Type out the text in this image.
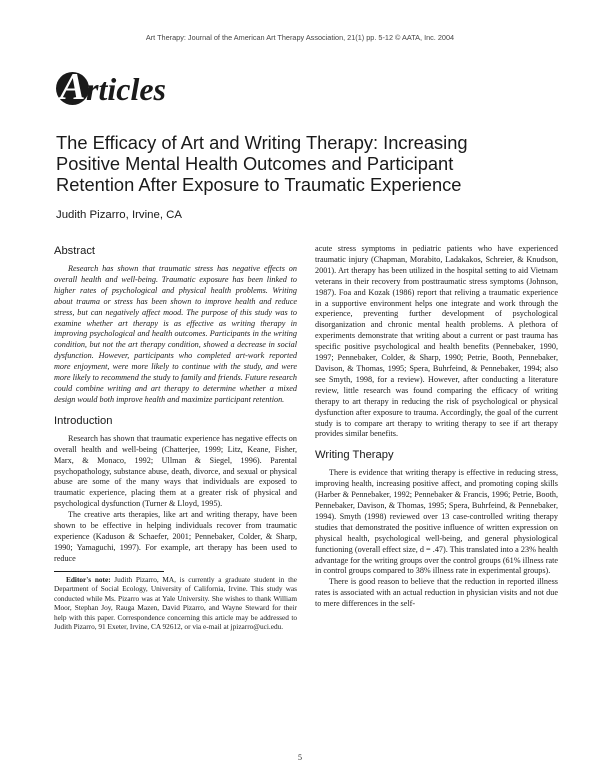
Art Therapy: Journal of the American Art Therapy Association, 21(1) pp. 5-12 © AATA, Inc. 2004
A rticles
The Efficacy of Art and Writing Therapy: Increasing
Positive Mental Health Outcomes and Participant
Retention After Exposure to Traumatic Experience
Judith Pizarro, Irvine, CA
Abstract

Research has shown that traumatic stress has negative effects on overall health and well-being. Traumatic exposure has been linked to higher rates of psychological and physical health problems. Writing about trauma or stress has been shown to improve health and reduce stress, but can negatively affect mood. The purpose of this study was to examine whether art therapy is as effective as writing therapy in improving psychological and health outcomes. Participants in the writing condition, but not the art therapy condition, showed a decrease in social dysfunction. However, participants who completed art-work reported more enjoyment, were more likely to continue with the study, and were more likely to recommend the study to family and friends. Future research could combine writing and art therapy to determine whether a mixed design would both improve health and maximize participant retention.

Introduction

Research has shown that traumatic experience has negative effects on overall health and well-being (Chatterjee, 1999; Litz, Keane, Fisher, Marx, & Monaco, 1992; Ullman & Siegel, 1996). Parental psychopathology, substance abuse, death, divorce, and sexual or physical abuse are some of the many ways that individuals are exposed to traumatic experience, placing them at a greater risk of physical and psychological dysfunction (Turner & Lloyd, 1995).

The creative arts therapies, like art and writing therapy, have been shown to be effective in helping individuals recover from traumatic experience (Kaduson & Schaefer, 2001; Pennebaker, Colder, & Sharp, 1990; Yamaguchi, 1997). For example, art therapy has been used to reduce

Editor's note: Judith Pizarro, MA, is currently a graduate student in the Department of Social Ecology, University of California, Irvine. This study was conducted while Ms. Pizarro was at Yale University. She wishes to thank William Moor, Stephan Joy, Rauga Mazen, David Pizarro, and Wayne Steward for their help with this paper. Correspondence concerning this article may be addressed to Judith Pizarro, 91 Exeter, Irvine, CA 92612, or via e-mail at jpizarro@uci.edu.

acute stress symptoms in pediatric patients who have experienced traumatic injury (Chapman, Morabito, Ladakakos, Schreier, & Knudson, 2001). Art therapy has been utilized in the hospital setting to aid Vietnam veterans in their recovery from posttraumatic stress symptoms (Johnson, 1987). Foa and Kozak (1986) report that reliving a traumatic experience in a supportive environment helps one integrate and work through the experience, preventing further development of psychological disorganization and chronic mental health problems. A plethora of experiments demonstrate that writing about a current or past trauma has specific positive psychological and health benefits (Pennebaker, 1990, 1997; Pennebaker, Colder, & Sharp, 1990; Petrie, Booth, Pennebaker, Davison, & Thomas, 1995; Spera, Buhrfeind, & Pennebaker, 1994; also see Smyth, 1998, for a review). However, after conducting a literature review, little research was found comparing the efficacy of writing therapy to art therapy in reducing the risk of psychological or physical dysfunction after exposure to trauma. Accordingly, the goal of the current study is to compare art therapy to writing therapy to see if art therapy provides similar benefits.

Writing Therapy

There is evidence that writing therapy is effective in reducing stress, improving health, increasing positive affect, and promoting coping skills (Harber & Pennebaker, 1992; Pennebaker & Francis, 1996; Petrie, Booth, Pennebaker, Davison, & Thomas, 1995; Spera, Buhrfeind, & Pennebaker, 1994). Smyth (1998) reviewed over 13 case-controlled writing therapy studies that demonstrated the positive influence of written expression on physical health, psychological well-being, and general physiological functioning (overall effect size, d = .47). This translated into a 23% health advantage for the writing groups over the control groups (61% illness rate in control groups compared to 38% illness rate in experimental groups).

There is good reason to believe that the reduction in reported illness rates is associated with an actual reduction in physician visits and not due to mere differences in the self-

5
